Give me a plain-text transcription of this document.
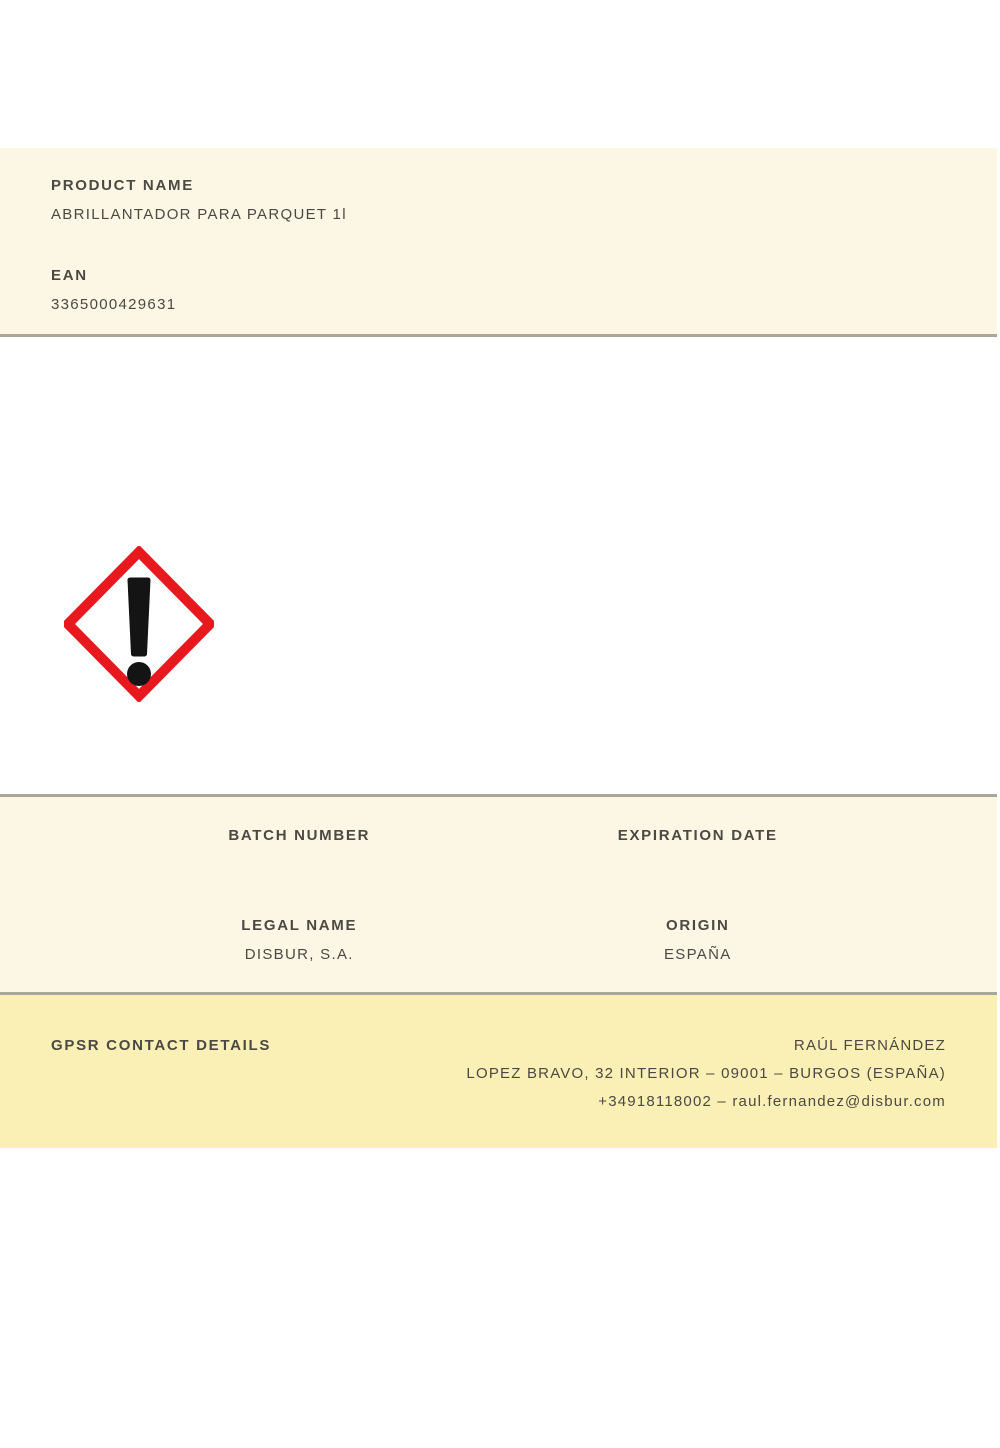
PRODUCT NAME
ABRILLANTADOR PARA PARQUET 1l
EAN
3365000429631
BATCH NUMBER
LEGAL NAME
DISBUR, S.A.
EXPIRATION DATE
ORIGIN
ESPAÑA
GPSR CONTACT DETAILS	RAÚL FERNÁNDEZ
LOPEZ BRAVO, 32 INTERIOR – 09001 – BURGOS (ESPAÑA)
+34918118002 – raul.fernandez@disbur.com
